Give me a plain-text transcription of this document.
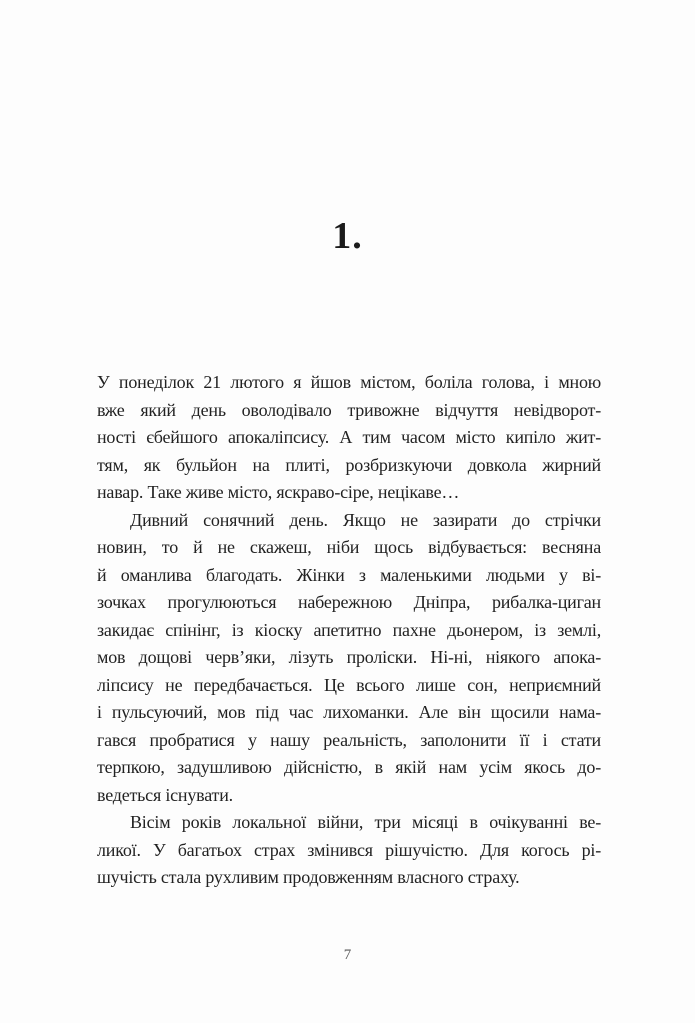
1.
У понеділок 21 лютого я йшов містом, боліла голова, і мною
вже який день оволодівало тривожне відчуття невідворот-
ності єбейшого апокаліпсису. А тим часом місто кипіло жит-
тям, як бульйон на плиті, розбризкуючи довкола жирний
навар. Таке живе місто, яскраво-сіре, нецікаве…
Дивний сонячний день. Якщо не зазирати до стрічки
новин, то й не скажеш, ніби щось відбувається: весняна
й оманлива благодать. Жінки з маленькими людьми у ві-
зочках прогулюються набережною Дніпра, рибалка-циган
закидає спінінг, із кіоску апетитно пахне дьонером, із землі,
мов дощові черв’яки, лізуть проліски. Ні-ні, ніякого апока-
ліпсису не передбачається. Це всього лише сон, неприємний
і пульсуючий, мов під час лихоманки. Але він щосили нама-
гався пробратися у нашу реальність, заполонити її і стати
терпкою, задушливою дійсністю, в якій нам усім якось до-
ведеться існувати.
Вісім років локальної війни, три місяці в очікуванні ве-
ликої. У багатьох страх змінився рішучістю. Для когось рі-
шучість стала рухливим продовженням власного страху.
7
